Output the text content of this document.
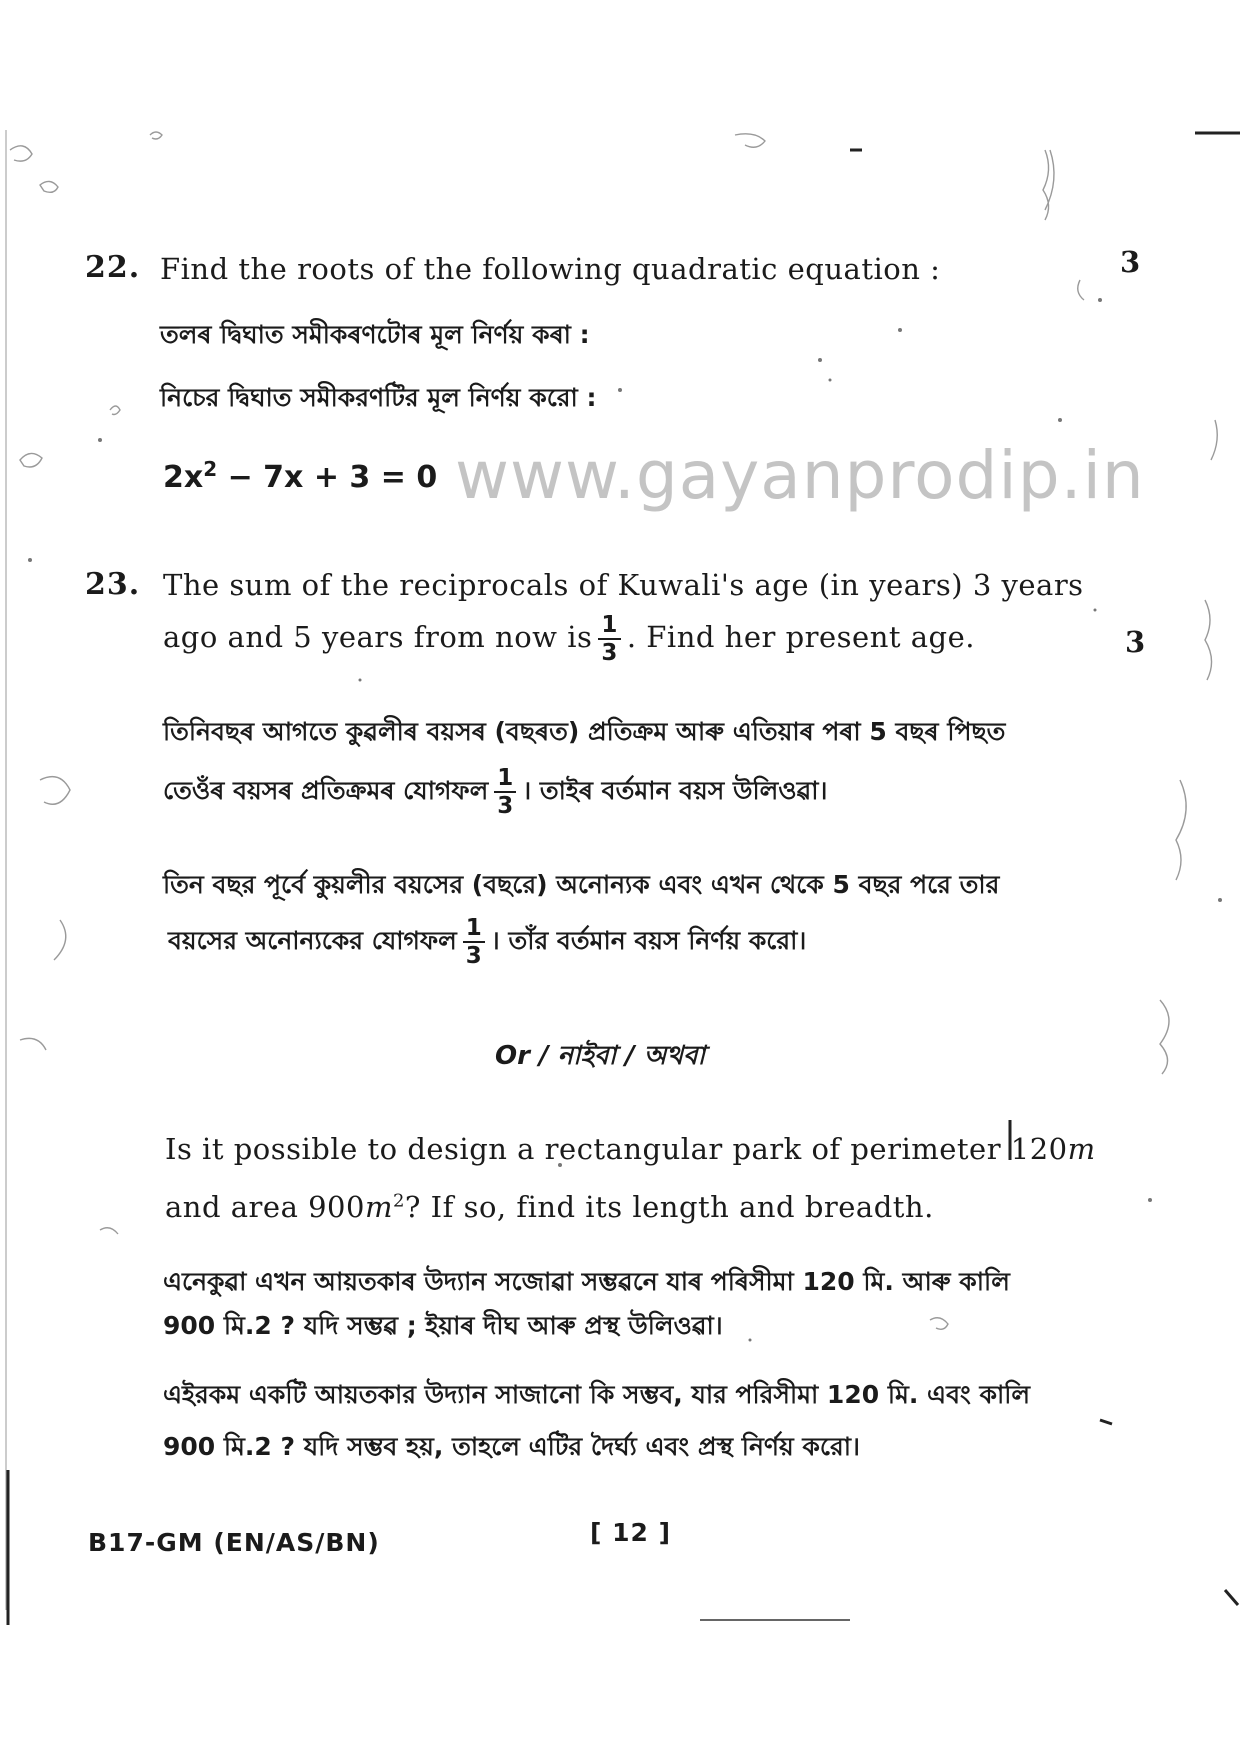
22. Find the roots of the following quadratic equation :	3
তলৰ দ্বিঘাত সমীকৰণটোৰ মূল নিৰ্ণয় কৰা :
নিচের দ্বিঘাত সমীকরণটির মূল নির্ণয় করো :
$2x^2 - 7x + 3 = 0$ www.gayanprodip.in
23. The sum of the reciprocals of Kuwali's age (in years) 3 years
ago and 5 years from now is $\frac{1}{3}$ . Find her present age.	3
তিনিবছৰ আগতে কুৱলীৰ বয়সৰ (বছৰত) প্ৰতিক্ৰম আৰু এতিয়াৰ পৰা 5 বছৰ পিছত
তেওঁৰ বয়সৰ প্ৰতিক্ৰমৰ যোগফল $\frac{1}{3}$ । তাইৰ বৰ্তমান বয়স উলিওৱা।
তিন বছর পূর্বে কুয়লীর বয়সের (বছরে) অনোন্যক এবং এখন থেকে 5 বছর পরে তার
বয়সের অনোন্যকের যোগফল $\frac{1}{3}$ । তাঁর বর্তমান বয়স নির্ণয় করো।
Or / নাইবা / অথবা
Is it possible to design a rectangular park of perimeter 120m
and area $900m^2$? If so, find its length and breadth.
এনেকুৱা এখন আয়তকাৰ উদ্যান সজোৱা সম্ভৱনে যাৰ পৰিসীমা 120 মি. আৰু কালি
900 মি.2 ? যদি সম্ভৱ ; ইয়াৰ দীঘ আৰু প্ৰস্থ উলিওৱা।
এইরকম একটি আয়তকার উদ্যান সাজানো কি সম্ভব, যার পরিসীমা 120 মি. এবং কালি
900 মি.2 ? যদি সম্ভব হয়, তাহলে এটির দৈর্ঘ্য এবং প্রস্থ নির্ণয় করো।
B17-GM (EN/AS/BN)	[ 12 ]
